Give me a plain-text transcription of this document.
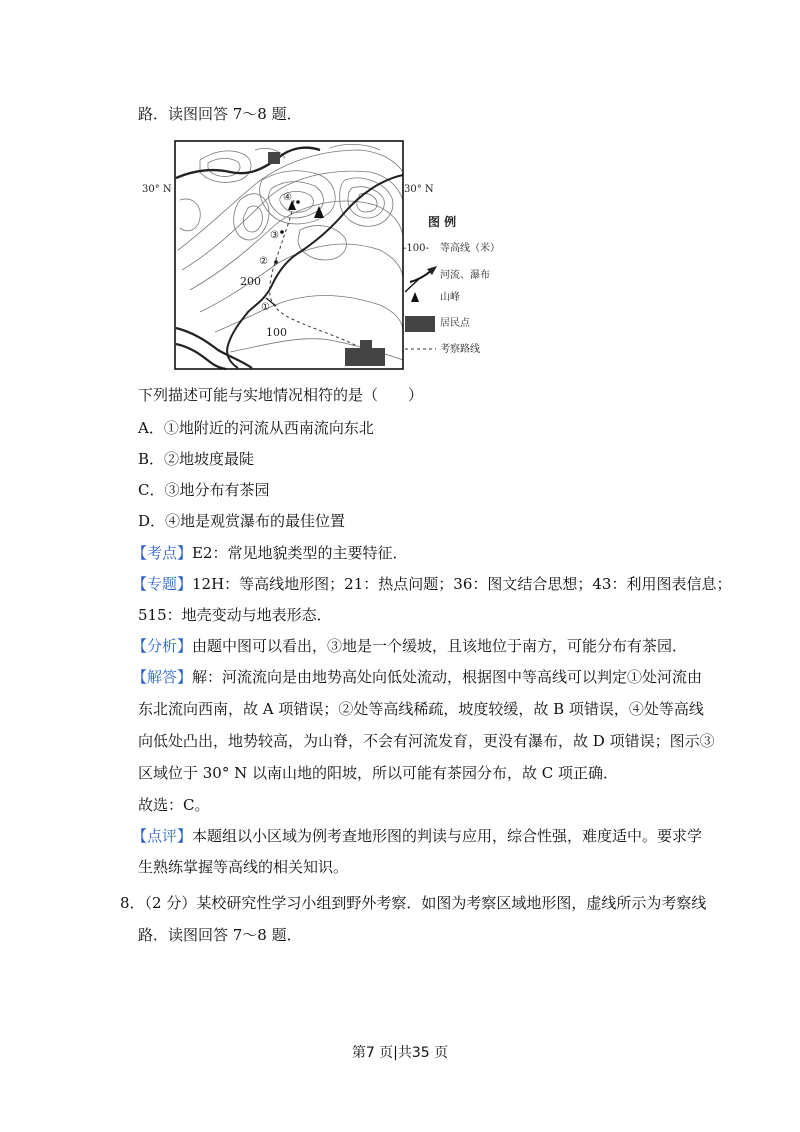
路．读图回答 7～8 题．
30° N	30° N
200
100
①
②
③
④
图 例
-100- 等高线（米）
河流、瀑布
山峰
居民点
考察路线
下列描述可能与实地情况相符的是（　　）
A．①地附近的河流从西南流向东北
B．②地坡度最陡
C．③地分布有茶园
D．④地是观赏瀑布的最佳位置
【考点】E2：常见地貌类型的主要特征．
【专题】12H：等高线地形图；21：热点问题；36：图文结合思想；43：利用图表信息；
515：地壳变动与地表形态．
【分析】由题中图可以看出，③地是一个缓坡，且该地位于南方，可能分布有茶园．
【解答】解：河流流向是由地势高处向低处流动，根据图中等高线可以判定①处河流由
东北流向西南，故 A 项错误；②处等高线稀疏，坡度较缓，故 B 项错误，④处等高线
向低处凸出，地势较高，为山脊，不会有河流发育，更没有瀑布，故 D 项错误；图示③
区域位于 30° N 以南山地的阳坡，所以可能有茶园分布，故 C 项正确．
故选：C。
【点评】本题组以小区域为例考查地形图的判读与应用，综合性强，难度适中。要求学
生熟练掌握等高线的相关知识。
8．（2 分）某校研究性学习小组到野外考察．如图为考察区域地形图，虚线所示为考察线
路．读图回答 7～8 题．
第7 页|共35 页
